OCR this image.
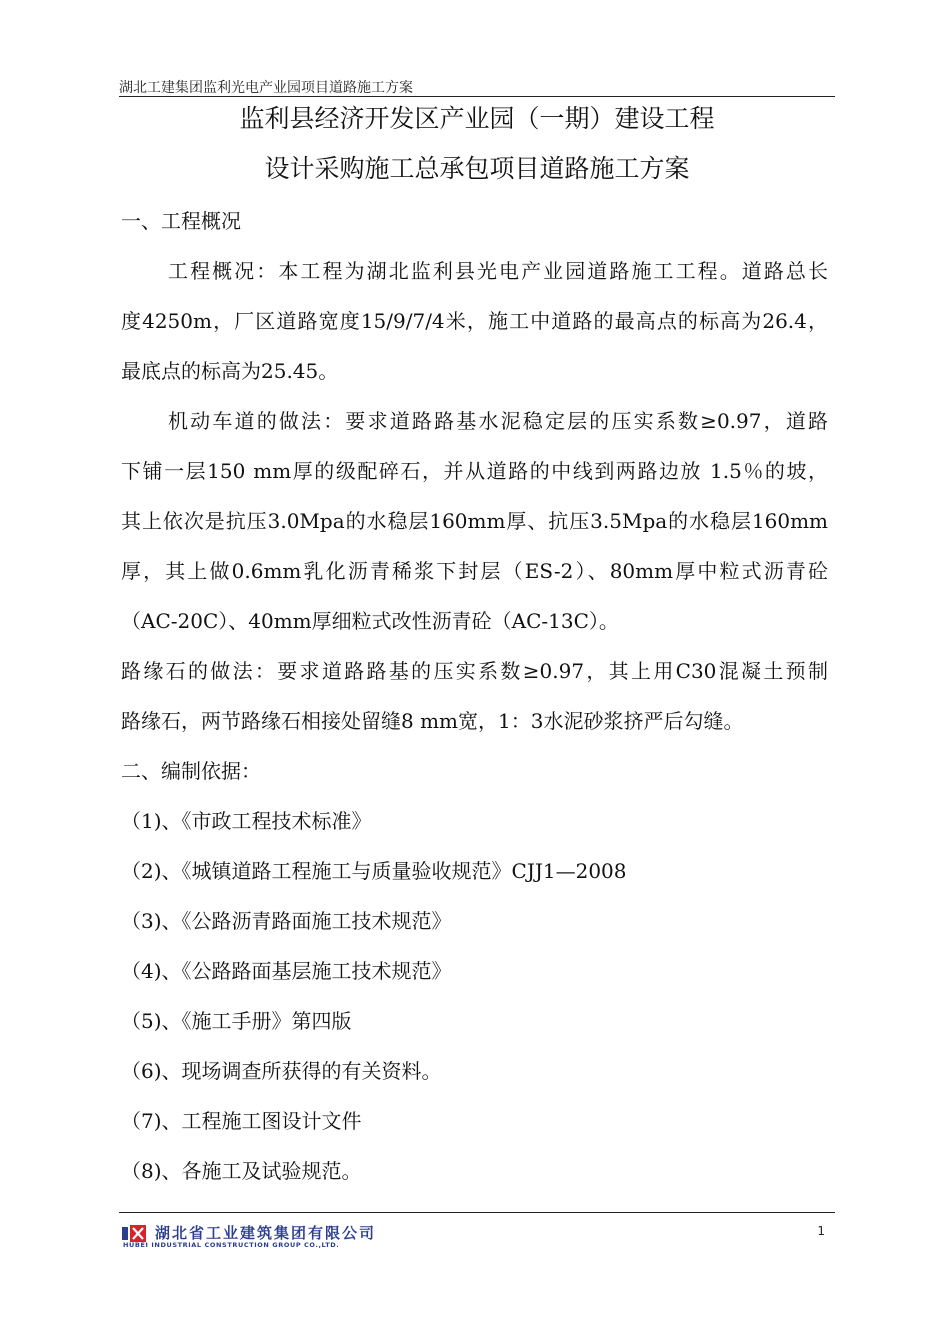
湖北工建集团监利光电产业园项目道路施工方案
监利县经济开发区产业园（一期）建设工程
设计采购施工总承包项目道路施工方案
一、工程概况
工程概况：本工程为湖北监利县光电产业园道路施工工程。道路总长
度4250m，厂区道路宽度15/9/7/4米，施工中道路的最高点的标高为26.4，
最底点的标高为25.45。
机动车道的做法：要求道路路基水泥稳定层的压实系数≥0.97，道路
下铺一层150 mm厚的级配碎石，并从道路的中线到两路边放 1.5％的坡，
其上依次是抗压3.0Mpa的水稳层160mm厚、抗压3.5Mpa的水稳层160mm
厚，其上做0.6mm乳化沥青稀浆下封层（ES-2）、80mm厚中粒式沥青砼
（AC-20C）、40mm厚细粒式改性沥青砼（AC-13C）。
路缘石的做法：要求道路路基的压实系数≥0.97，其上用C30混凝土预制
路缘石，两节路缘石相接处留缝8 mm宽，1：3水泥砂浆挤严后勾缝。
二、编制依据：
（1)、《市政工程技术标准》
（2)、《城镇道路工程施工与质量验收规范》CJJ1—2008
（3)、《公路沥青路面施工技术规范》
（4)、《公路路面基层施工技术规范》
（5)、《施工手册》第四版
（6)、现场调查所获得的有关资料。
（7)、工程施工图设计文件
（8)、各施工及试验规范。
湖北省工业建筑集团有限公司
HUBEI INDUSTRIAL CONSTRUCTION GROUP CO.,LTD.
1
